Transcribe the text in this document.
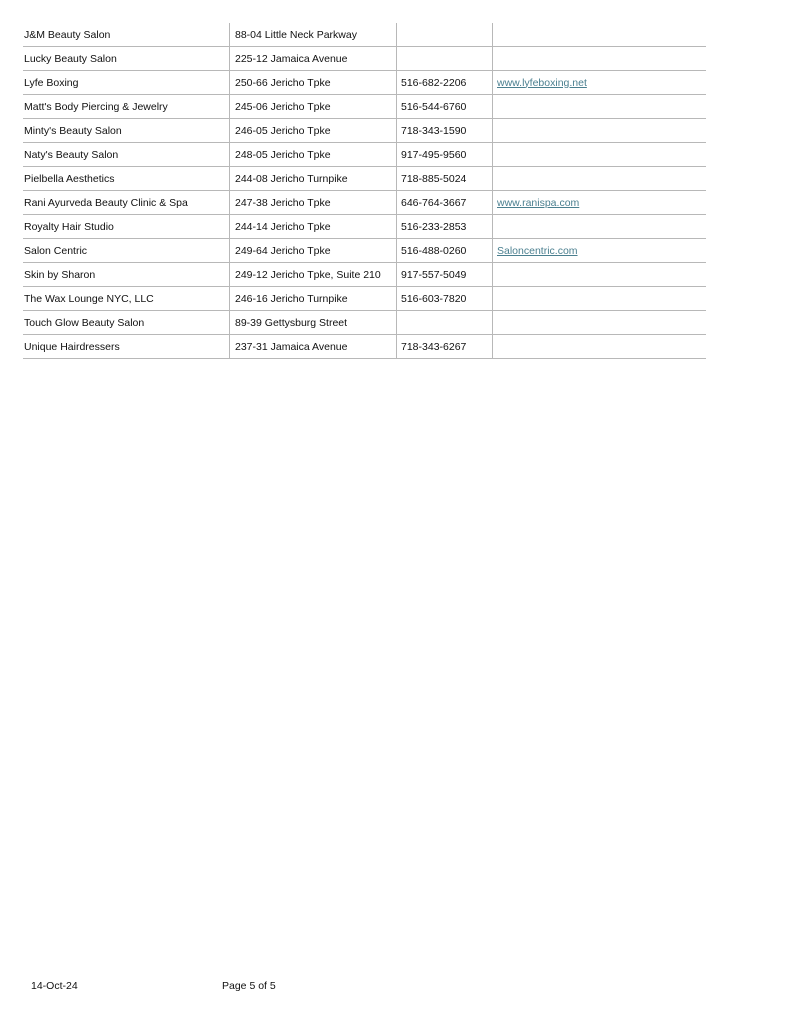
J&M Beauty Salon	88-04 Little Neck Parkway		
Lucky Beauty Salon	225-12 Jamaica Avenue		
Lyfe Boxing	250-66 Jericho Tpke	516-682-2206	www.lyfeboxing.net
Matt's Body Piercing & Jewelry	245-06 Jericho Tpke	516-544-6760	
Minty's Beauty Salon	246-05 Jericho Tpke	718-343-1590	
Naty's Beauty Salon	248-05 Jericho Tpke	917-495-9560	
Pielbella Aesthetics	244-08 Jericho Turnpike	718-885-5024	
Rani Ayurveda Beauty Clinic & Spa	247-38 Jericho Tpke	646-764-3667	www.ranispa.com
Royalty Hair Studio	244-14 Jericho Tpke	516-233-2853	
Salon Centric	249-64 Jericho Tpke	516-488-0260	Saloncentric.com
Skin by Sharon	249-12 Jericho Tpke, Suite 210	917-557-5049	
The Wax Lounge NYC, LLC	246-16 Jericho Turnpike	516-603-7820	
Touch Glow Beauty Salon	89-39 Gettysburg Street		
Unique Hairdressers	237-31 Jamaica Avenue	718-343-6267	
14-Oct-24	Page 5 of 5
